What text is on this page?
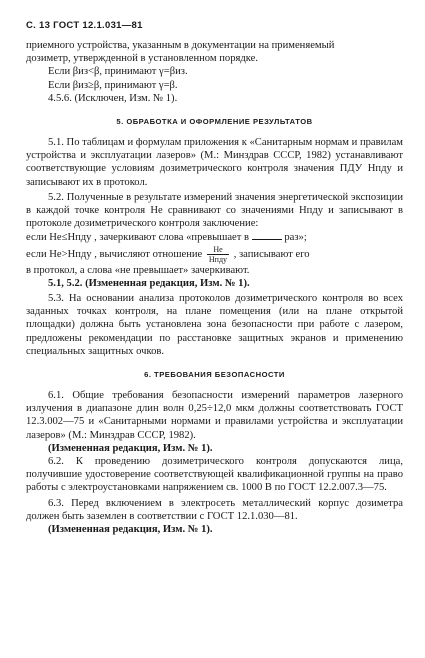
С. 13 ГОСТ 12.1.031—81

приемного устройства, указанным в документации на применяемый
дозиметр, утвержденной в установленном порядке.

Если βиз<β, принимают γ=βиз.

Если βиз≥β, принимают γ=β.

4.5.6. (Исключен, Изм. № 1).

5. ОБРАБОТКА И ОФОРМЛЕНИЕ РЕЗУЛЬТАТОВ

5.1. По таблицам и формулам приложения к «Санитарным нормам и правилам устройства и эксплуатации лазеров» (М.: Минздрав СССР, 1982) устанавливают соответствующие условиям дозиметрического контроля значения ПДУ Hпду и записывают их в протокол.

5.2. Полученные в результате измерений значения энергетической экспозиции в каждой точке контроля He сравнивают со значениями Hпду и записывают в протоколе дозиметрического контроля заключение:

если He≤Hпду , зачеркивают слова «превышает в	раз»;

если He>Hпду , вычисляют отношение $\frac{He}{\text{Hпду}}$ , записывают его

в протокол, а слова «не превышает» зачеркивают.

5.1, 5.2. (Измененная редакция, Изм. № 1).

5.3. На основании анализа протоколов дозиметрического контроля во всех заданных точках контроля, на плане помещения (или на плане открытой площадки) должна быть установлена зона безопасности при работе с лазером, предложены рекомендации по расстановке защитных экранов и применению специальных защитных очков.

6. ТРЕБОВАНИЯ БЕЗОПАСНОСТИ

6.1. Общие требования безопасности измерений параметров лазерного излучения в диапазоне длин волн 0,25÷12,0 мкм должны соответствовать ГОСТ 12.3.002—75 и «Санитарными нормами и правилами устройства и эксплуатации лазеров» (М.: Минздрав СССР, 1982).

(Измененная редакция, Изм. № 1).

6.2. К проведению дозиметрического контроля допускаются лица, получившие удостоверение соответствующей квалификационной группы на право работы с электроустановками напряжением св. 1000 В по ГОСТ 12.2.007.3—75.

6.3. Перед включением в электросеть металлический корпус дозиметра должен быть заземлен в соответствии с ГОСТ 12.1.030—81.

(Измененная редакция, Изм. № 1).
